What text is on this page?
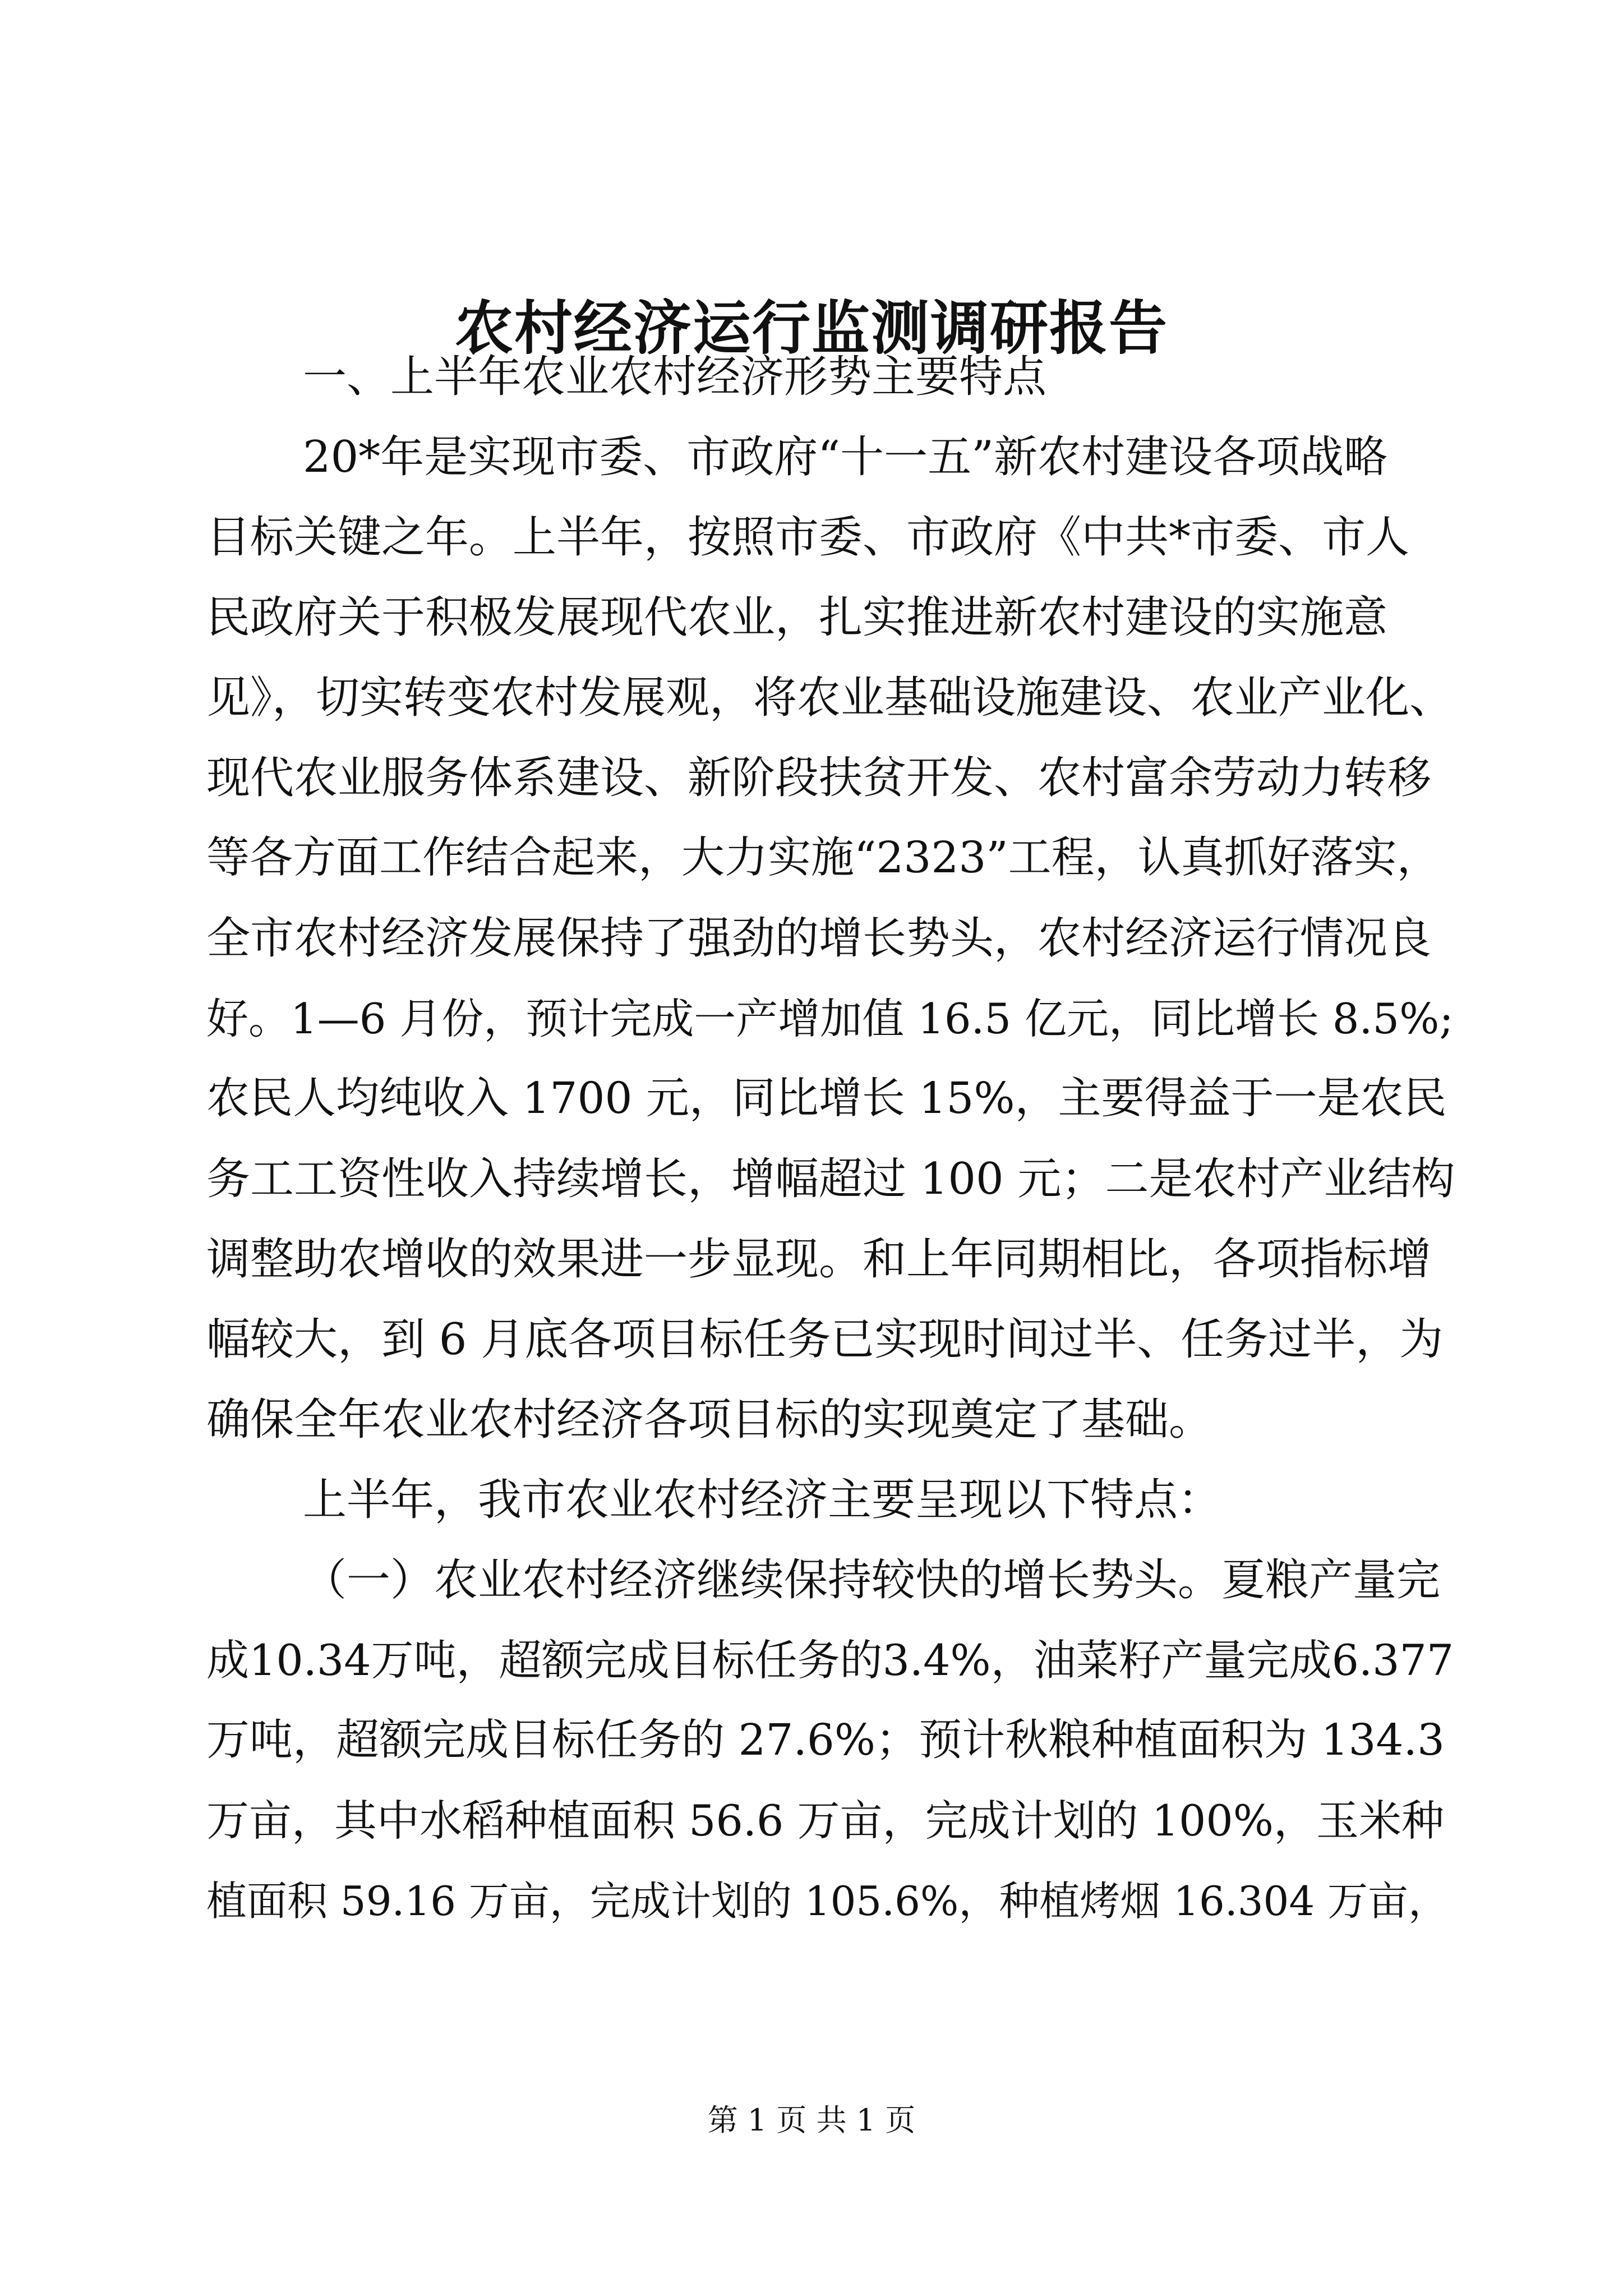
农村经济运行监测调研报告
一、上半年农业农村经济形势主要特点
20*年是实现市委、市政府“十一五”新农村建设各项战略
目标关键之年。上半年，按照市委、市政府《中共*市委、市人
民政府关于积极发展现代农业，扎实推进新农村建设的实施意
见》，切实转变农村发展观，将农业基础设施建设、农业产业化、
现代农业服务体系建设、新阶段扶贫开发、农村富余劳动力转移
等各方面工作结合起来，大力实施“2323”工程，认真抓好落实，
全市农村经济发展保持了强劲的增长势头，农村经济运行情况良
好。1—6 月份，预计完成一产增加值 16.5 亿元，同比增长 8.5%;
农民人均纯收入 1700 元，同比增长 15%，主要得益于一是农民
务工工资性收入持续增长，增幅超过 100 元；二是农村产业结构
调整助农增收的效果进一步显现。和上年同期相比，各项指标增
幅较大，到 6 月底各项目标任务已实现时间过半、任务过半，为
确保全年农业农村经济各项目标的实现奠定了基础。
上半年，我市农业农村经济主要呈现以下特点：
（一）农业农村经济继续保持较快的增长势头。夏粮产量完
成10.34万吨，超额完成目标任务的3.4%，油菜籽产量完成6.377
万吨，超额完成目标任务的 27.6%；预计秋粮种植面积为 134.3
万亩，其中水稻种植面积 56.6 万亩，完成计划的 100%，玉米种
植面积 59.16 万亩，完成计划的 105.6%，种植烤烟 16.304 万亩，
第 1 页 共 1 页
